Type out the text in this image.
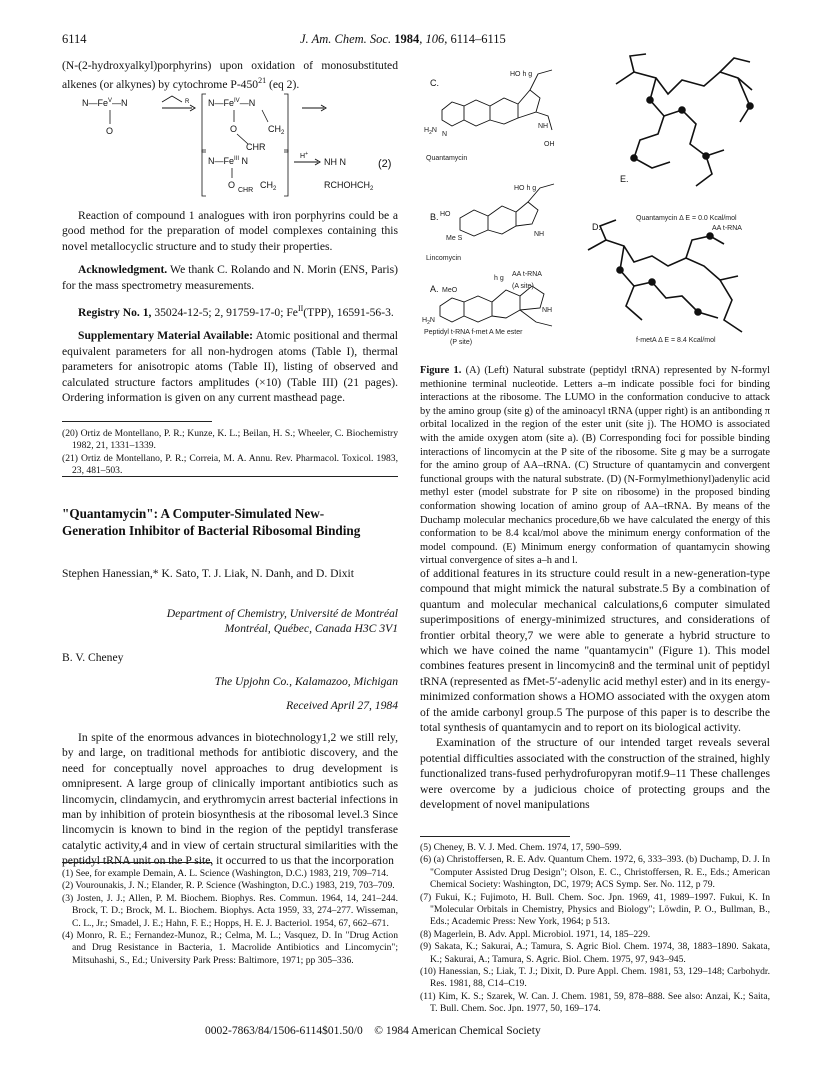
6114	J. Am. Chem. Soc. 1984, 106, 6114–6115

(N-(2-hydroxyalkyl)porphyrins) upon oxidation of monosubstituted alkenes (or alkynes) by cytochrome $P-450^{21}$ (eq 2).

$N—Fe^V—N$
O
R $N—Fe^{IV}—N$
O
CHR
$CH_2$
$N—Fe^{III}$ N
O
CHR
$CH_2$
H+
NH N
$RCHOHCH_2$
(2)

Reaction of compound 1 analogues with iron porphyrins could be a good method for the preparation of model complexes containing this novel metallocyclic structure and to study their properties.

Acknowledgment. We thank C. Rolando and N. Morin (ENS, Paris) for the mass spectrometry measurements.

Registry No. 1, 35024-12-5; 2, 91759-17-0; $Fe^{II}(TPP)$, 16591-56-3.

Supplementary Material Available: Atomic positional and thermal equivalent parameters for all non-hydrogen atoms (Table I), thermal parameters for anisotropic atoms (Table II), listing of observed and calculated structure factors amplitudes (×10) (Table III) (21 pages). Ordering information is given on any current masthead page.

(20) Ortiz de Montellano, P. R.; Kunze, K. L.; Beilan, H. S.; Wheeler, C. Biochemistry 1982, 21, 1331–1339.

(21) Ortiz de Montellano, P. R.; Correia, M. A. Annu. Rev. Pharmacol. Toxicol. 1983, 23, 481–503.

"Quantamycin": A Computer-Simulated New-Generation Inhibitor of Bacterial Ribosomal Binding
Stephen Hanessian,* K. Sato, T. J. Liak, N. Danh, and D. Dixit
Department of Chemistry, Université de Montréal
Montréal, Québec, Canada H3C 3V1
B. V. Cheney
The Upjohn Co., Kalamazoo, Michigan
Received April 27, 1984

In spite of the enormous advances in biotechnology1,2 we still rely, by and large, on traditional methods for antibiotic discovery, and the need for conceptually novel approaches to drug development is omnipresent. A large group of clinically important antibiotics such as lincomycin, clindamycin, and erythromycin arrest bacterial infections in man by inhibition of protein biosynthesis at the ribosomal level.3 Since lincomycin is known to bind in the region of the peptidyl transferase catalytic activity,4 and in view of certain structural similarities with the peptidyl tRNA unit on the P site, it occurred to us that the incorporation

(1) See, for example Demain, A. L. Science (Washington, D.C.) 1983, 219, 709–714.

(2) Vourounakis, J. N.; Elander, R. P. Science (Washington, D.C.) 1983, 219, 703–709.

(3) Josten, J. J.; Allen, P. M. Biochem. Biophys. Res. Commun. 1964, 14, 241–244. Brock, T. D.; Brock, M. L. Biochem. Biophys. Acta 1959, 33, 274–277. Wisseman, C. L., Jr.; Smadel, J. E.; Hahn, F. E.; Hopps, H. E. J. Bacteriol. 1954, 67, 662–671.

(4) Monro, R. E.; Fernandez-Munoz, R.; Celma, M. L.; Vasquez, D. In "Drug Action and Drug Resistance in Bacteria, 1. Macrolide Antibiotics and Lincomycin"; Mitsuhashi, S., Ed.; University Park Press: Baltimore, 1971; pp 305–336.

C.
N
$H_2N$
HO h g
NH
OH
Quantamycin
B. HO
Me S
HO h g
NH
Lincomycin
A. MeO
h g
AA t-RNA
(A site)
$H_2N$
NH
Peptidyl t-RNA f-met A Me ester
(P site)
E.
Quantamycin Δ E = 0.0 Kcal/mol
D.	AA t-RNA
f-metA Δ E = 8.4 Kcal/mol
Figure 1. (A) (Left) Natural substrate (peptidyl tRNA) represented by N-formyl methionine terminal nucleotide. Letters a–m indicate possible foci for binding interactions at the ribosome. The LUMO in the conformation conducive to attack by the amino group (site g) of the aminoacyl tRNA (upper right) is an antibonding π orbital localized in the region of the ester unit (site j). The HOMO is associated with the amide oxygen atom (site a). (B) Corresponding foci for possible binding interactions of lincomycin at the P site of the ribosome. Site g may be a surrogate for the amino group of AA–tRNA. (C) Structure of quantamycin and convergent functional groups with the natural substrate. (D) (N-Formylmethionyl)adenylic acid methyl ester (model substrate for P site on ribosome) in the proposed binding conformation showing location of amino group of AA–tRNA. By means of the Duchamp molecular mechanics procedure,6b we have calculated the energy of this conformation to be 8.4 kcal/mol above the minimum energy conformation of the model compound. (E) Minimum energy conformation of quantamycin showing virtual convergence of sites a–h and l.

of additional features in its structure could result in a new-generation-type compound that might mimick the natural substrate.5 By a combination of quantum and molecular mechanical calculations,6 computer simulated superimpositions of energy-minimized structures, and considerations of frontier orbital theory,7 we were able to generate a hybrid structure to which we have coined the name "quantamycin" (Figure 1). This model combines features present in lincomycin8 and the terminal unit of peptidyl tRNA (represented as fMet-5′-adenylic acid methyl ester) and in its energy-minimized conformation shows a HOMO associated with the oxygen atom of the amide carbonyl group.5 The purpose of this paper is to describe the total synthesis of quantamycin and to report on its biological activity.

Examination of the structure of our intended target reveals several potential difficulties associated with the construction of the strained, highly functionalized trans-fused perhydrofuropyran motif.9–11 These challenges were overcome by a judicious choice of protecting groups and the development of novel manipulations

(5) Cheney, B. V. J. Med. Chem. 1974, 17, 590–599.

(6) (a) Christoffersen, R. E. Adv. Quantum Chem. 1972, 6, 333–393. (b) Duchamp, D. J. In "Computer Assisted Drug Design"; Olson, E. C., Christoffersen, R. E., Eds.; American Chemical Society: Washington, DC, 1979; ACS Symp. Ser. No. 112, p 79.

(7) Fukui, K.; Fujimoto, H. Bull. Chem. Soc. Jpn. 1969, 41, 1989–1997. Fukui, K. In "Molecular Orbitals in Chemistry, Physics and Biology"; Löwdin, P. O., Bullman, B., Eds.; Academic Press: New York, 1964; p 513.

(8) Magerlein, B. Adv. Appl. Microbiol. 1971, 14, 185–229.

(9) Sakata, K.; Sakurai, A.; Tamura, S. Agric Biol. Chem. 1974, 38, 1883–1890. Sakata, K.; Sakurai, A.; Tamura, S. Agric. Biol. Chem. 1975, 97, 943–945.

(10) Hanessian, S.; Liak, T. J.; Dixit, D. Pure Appl. Chem. 1981, 53, 129–148; Carbohydr. Res. 1981, 88, C14–C19.

(11) Kim, K. S.; Szarek, W. Can. J. Chem. 1981, 59, 878–888. See also: Anzai, K.; Saita, T. Bull. Chem. Soc. Jpn. 1977, 50, 169–174.

0002-7863/84/1506-6114$01.50/0 © 1984 American Chemical Society
